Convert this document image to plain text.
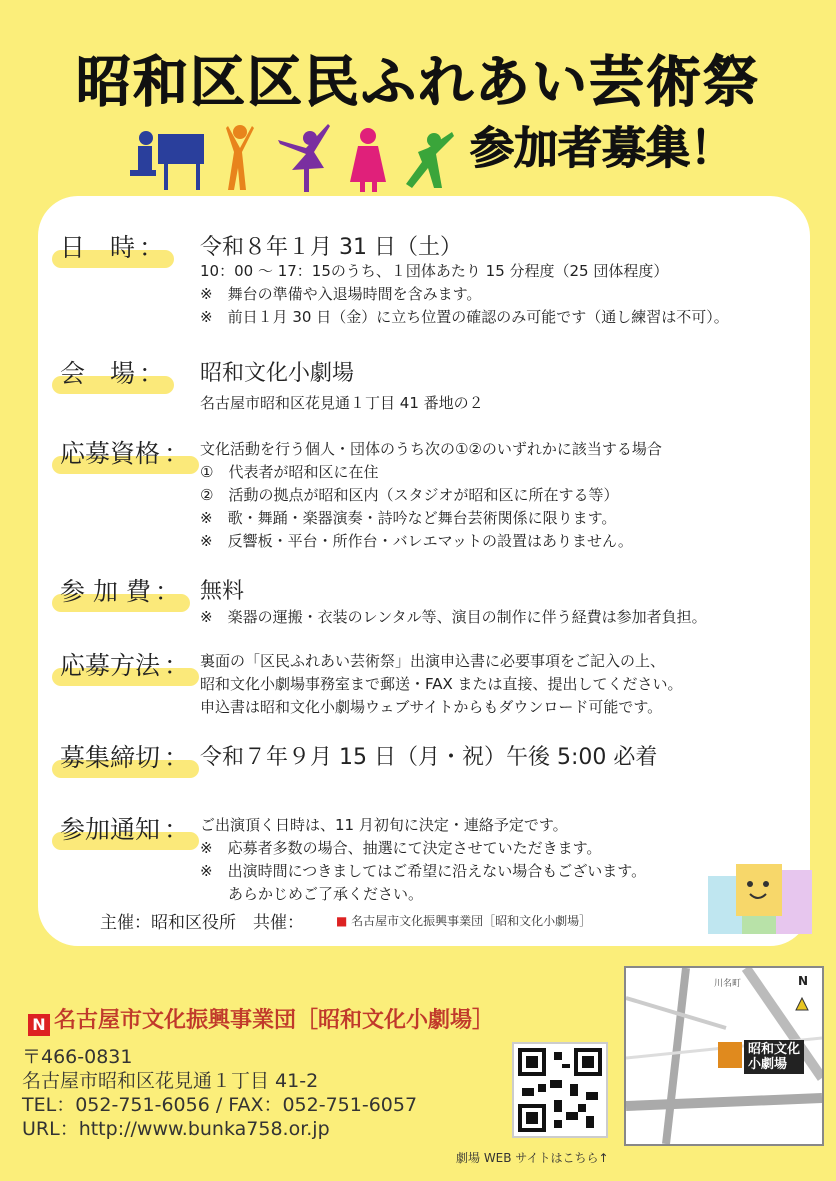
昭和区区民ふれあい芸術祭
参加者募集！
日　時 ： 令和８年１月 31 日（土）
10：00 ～ 17：15のうち、１団体あたり 15 分程度（25 団体程度）
※　舞台の準備や入退場時間を含みます。
※　前日１月 30 日（金）に立ち位置の確認のみ可能です（通し練習は不可）。
会　場 ： 昭和文化小劇場
名古屋市昭和区花見通１丁目 41 番地の２
応募資格 ： 文化活動を行う個人・団体のうち次の①②のいずれかに該当する場合
①　代表者が昭和区に在住
②　活動の拠点が昭和区内（スタジオが昭和区に所在する等）
※　歌・舞踊・楽器演奏・詩吟など舞台芸術関係に限ります。
※　反響板・平台・所作台・バレエマットの設置はありません。
参 加 費 ： 無料
※　楽器の運搬・衣装のレンタル等、演目の制作に伴う経費は参加者負担。
応募方法 ： 裏面の「区民ふれあい芸術祭」出演申込書に必要事項をご記入の上、
昭和文化小劇場事務室まで郵送・FAX または直接、提出してください。
申込書は昭和文化小劇場ウェブサイトからもダウンロード可能です。
募集締切 ： 令和７年９月 15 日（月・祝）午後 5:00 必着
参加通知 ： ご出演頂く日時は、11 月初旬に決定・連絡予定です。
※　応募者多数の場合、抽選にて決定させていただきます。
※　出演時間につきましてはご希望に沿えない場合もございます。
あらかじめご了承ください。
主催：昭和区役所　共催：	■ 名古屋市文化振興事業団［昭和文化小劇場］
N 名古屋市文化振興事業団［昭和文化小劇場］
〒466-0831
名古屋市昭和区花見通１丁目 41-2
TEL：052-751-6056 / FAX：052-751-6057
URL：http://www.bunka758.or.jp
N
川名町
昭和文化
小劇場
劇場 WEB サイトはこちら↑
